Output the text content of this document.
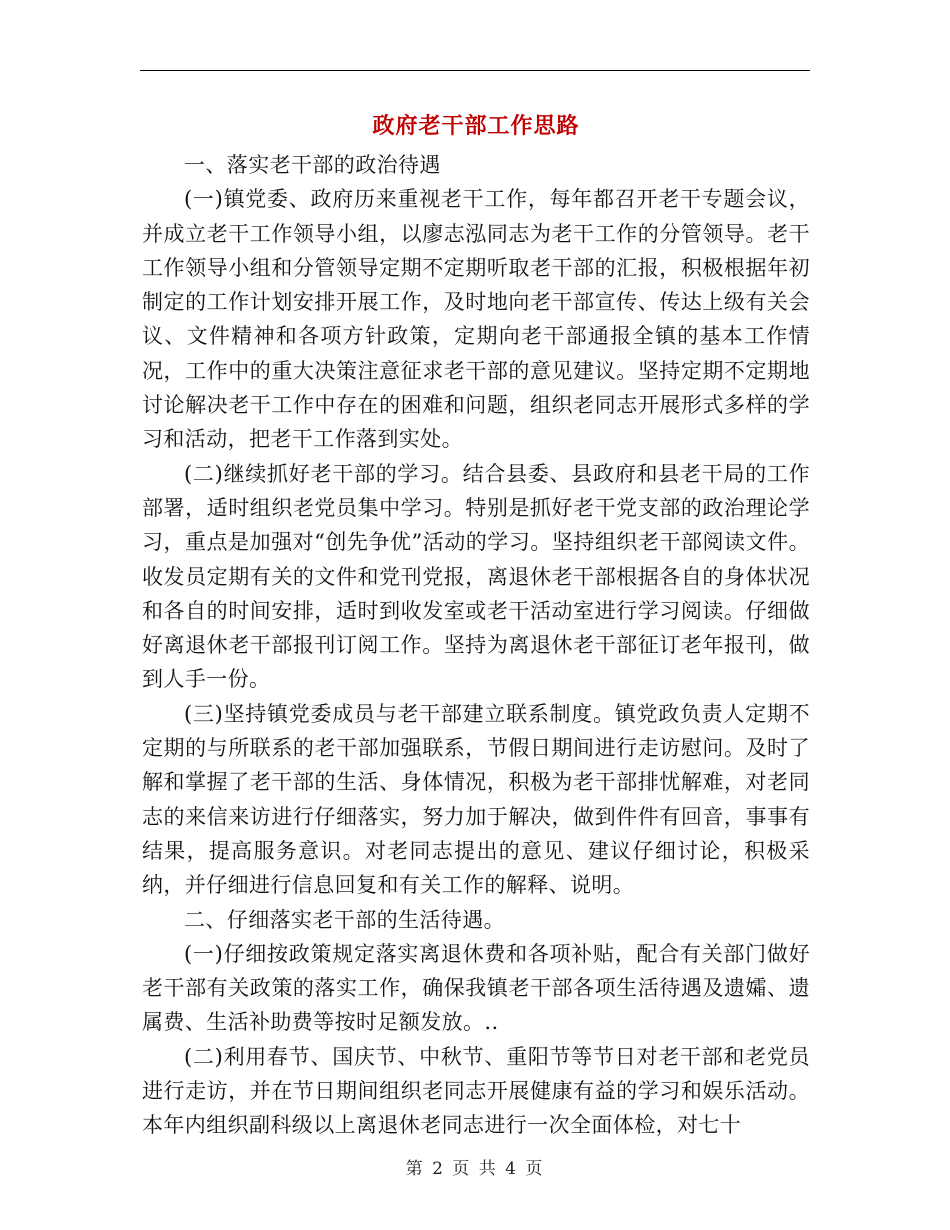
政府老干部工作思路

一、落实老干部的政治待遇

(一)镇党委、政府历来重视老干工作，每年都召开老干专题会议，并成立老干工作领导小组，以廖志泓同志为老干工作的分管领导。老干工作领导小组和分管领导定期不定期听取老干部的汇报，积极根据年初制定的工作计划安排开展工作，及时地向老干部宣传、传达上级有关会议、文件精神和各项方针政策，定期向老干部通报全镇的基本工作情况，工作中的重大决策注意征求老干部的意见建议。坚持定期不定期地讨论解决老干工作中存在的困难和问题，组织老同志开展形式多样的学习和活动，把老干工作落到实处。

(二)继续抓好老干部的学习。结合县委、县政府和县老干局的工作部署，适时组织老党员集中学习。特别是抓好老干党支部的政治理论学习，重点是加强对“创先争优”活动的学习。坚持组织老干部阅读文件。收发员定期有关的文件和党刊党报，离退休老干部根据各自的身体状况和各自的时间安排，适时到收发室或老干活动室进行学习阅读。仔细做好离退休老干部报刊订阅工作。坚持为离退休老干部征订老年报刊，做到人手一份。

(三)坚持镇党委成员与老干部建立联系制度。镇党政负责人定期不定期的与所联系的老干部加强联系，节假日期间进行走访慰问。及时了解和掌握了老干部的生活、身体情况，积极为老干部排忧解难，对老同志的来信来访进行仔细落实，努力加于解决，做到件件有回音，事事有结果，提高服务意识。对老同志提出的意见、建议仔细讨论，积极采纳，并仔细进行信息回复和有关工作的解释、说明。

二、仔细落实老干部的生活待遇。

(一)仔细按政策规定落实离退休费和各项补贴，配合有关部门做好老干部有关政策的落实工作，确保我镇老干部各项生活待遇及遗孀、遗属费、生活补助费等按时足额发放。..

(二)利用春节、国庆节、中秋节、重阳节等节日对老干部和老党员进行走访，并在节日期间组织老同志开展健康有益的学习和娱乐活动。本年内组织副科级以上离退休老同志进行一次全面体检，对七十

第 2 页 共 4 页
